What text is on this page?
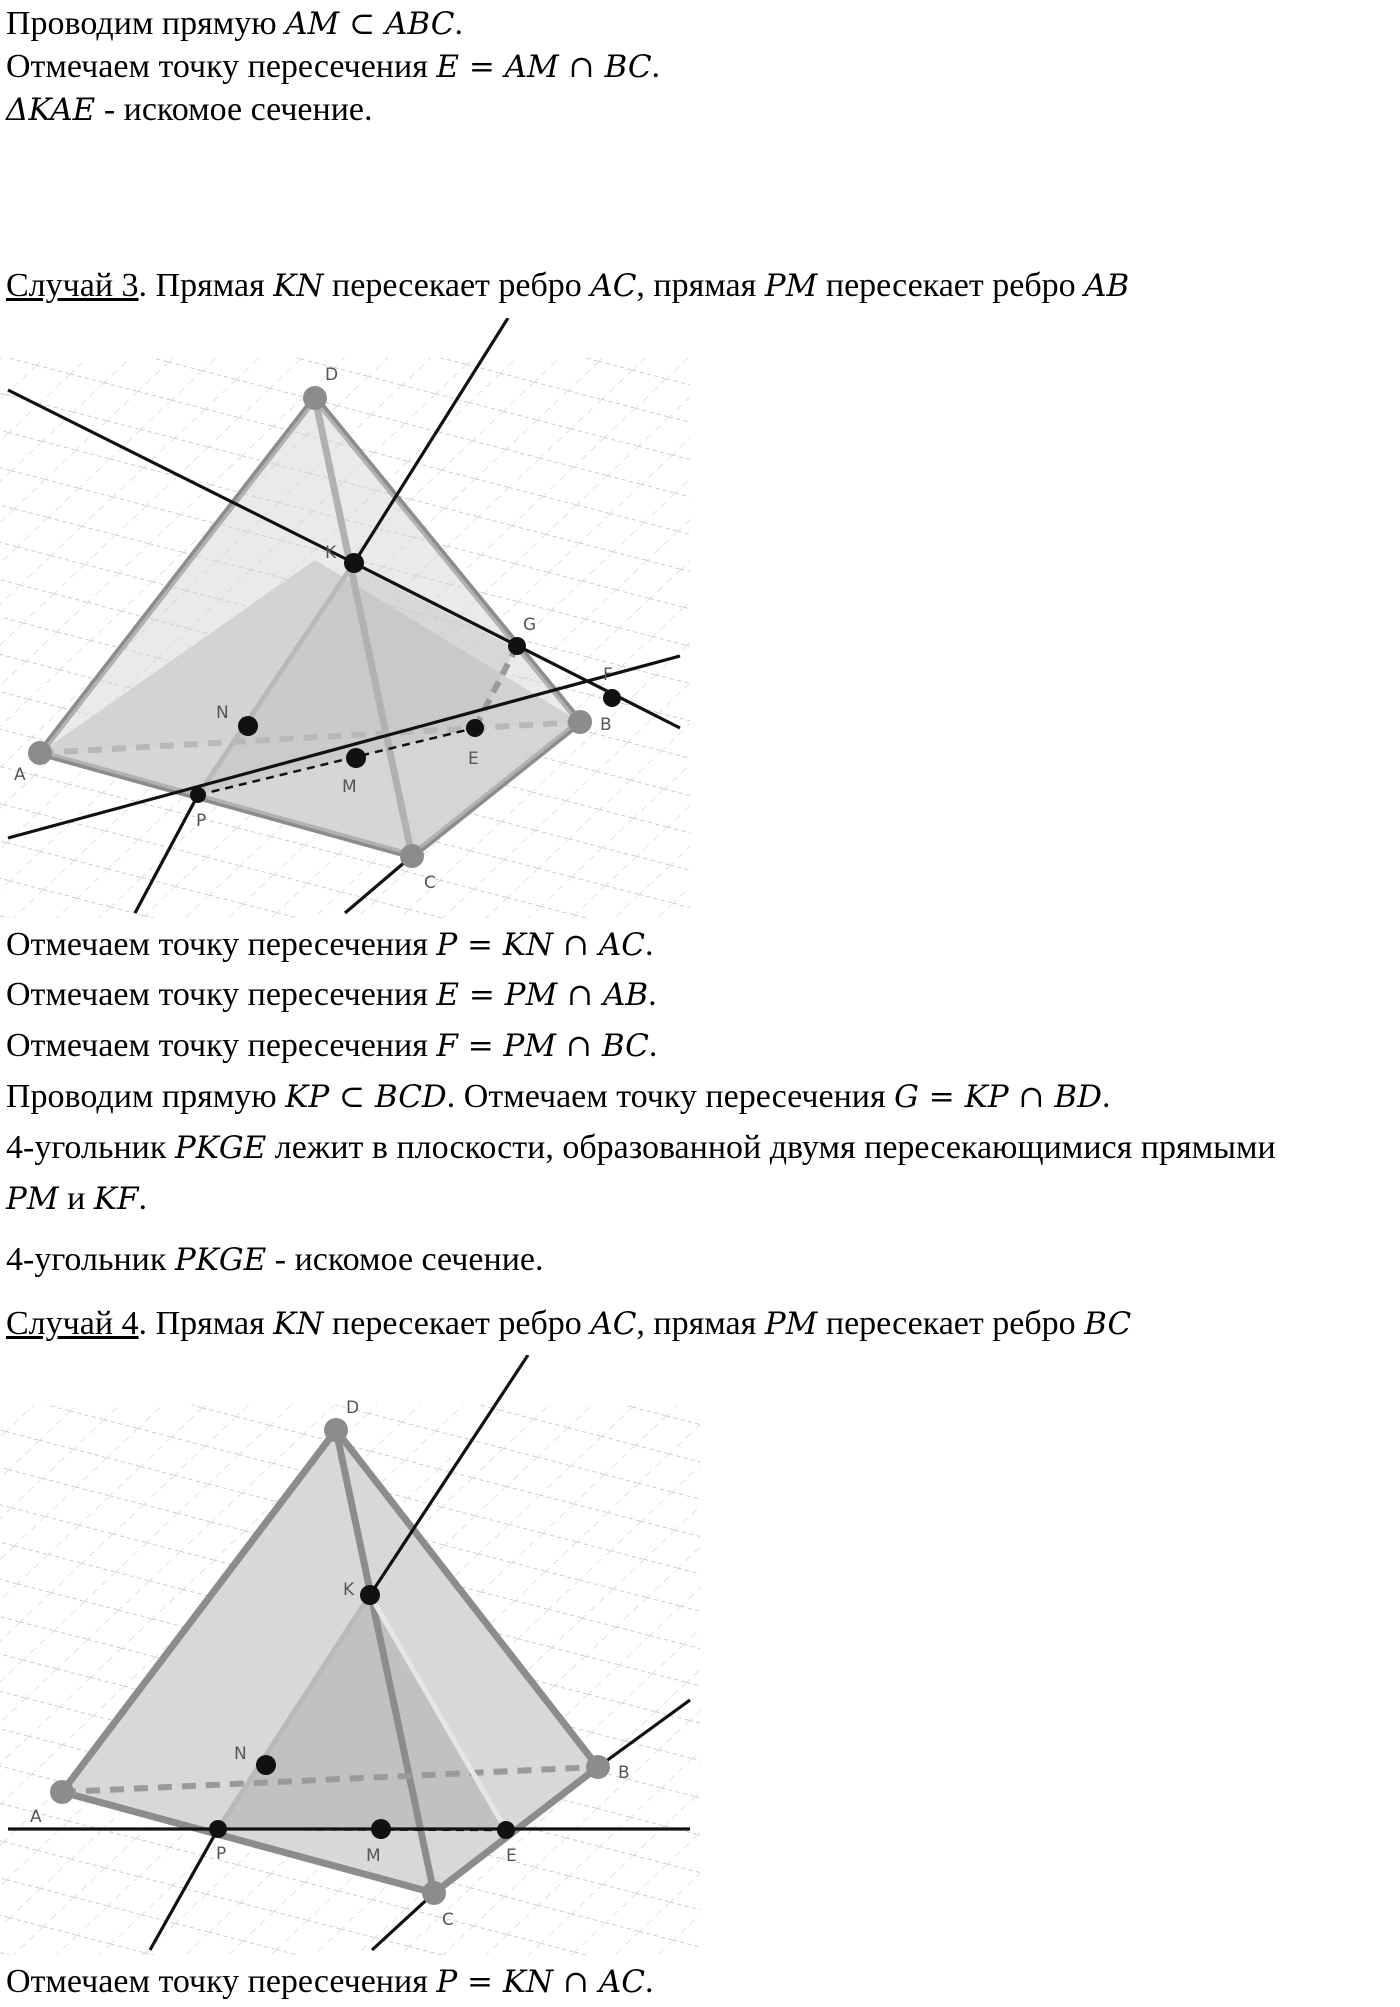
Проводим прямую AM ⊂ ABC.
Отмечаем точку пересечения E = AM ∩ BC.
ΔKAE - искомое сечение.
Случай 3. Прямая KN пересекает ребро AC, прямая PM пересекает ребро AB
D
K
G
F
N
A
B
E
M
P
C
Отмечаем точку пересечения P = KN ∩ AC.
Отмечаем точку пересечения E = PM ∩ AB.
Отмечаем точку пересечения F = PM ∩ BC.
Проводим прямую KP ⊂ BCD. Отмечаем точку пересечения G = KP ∩ BD.
4-угольник PKGE лежит в плоскости, образованной двумя пересекающимися прямыми
PM и KF.
4-угольник PKGE - искомое сечение.
Случай 4. Прямая KN пересекает ребро AC, прямая PM пересекает ребро BC
D
K
N
A
B
P	M	E
C
Отмечаем точку пересечения P = KN ∩ AC.
